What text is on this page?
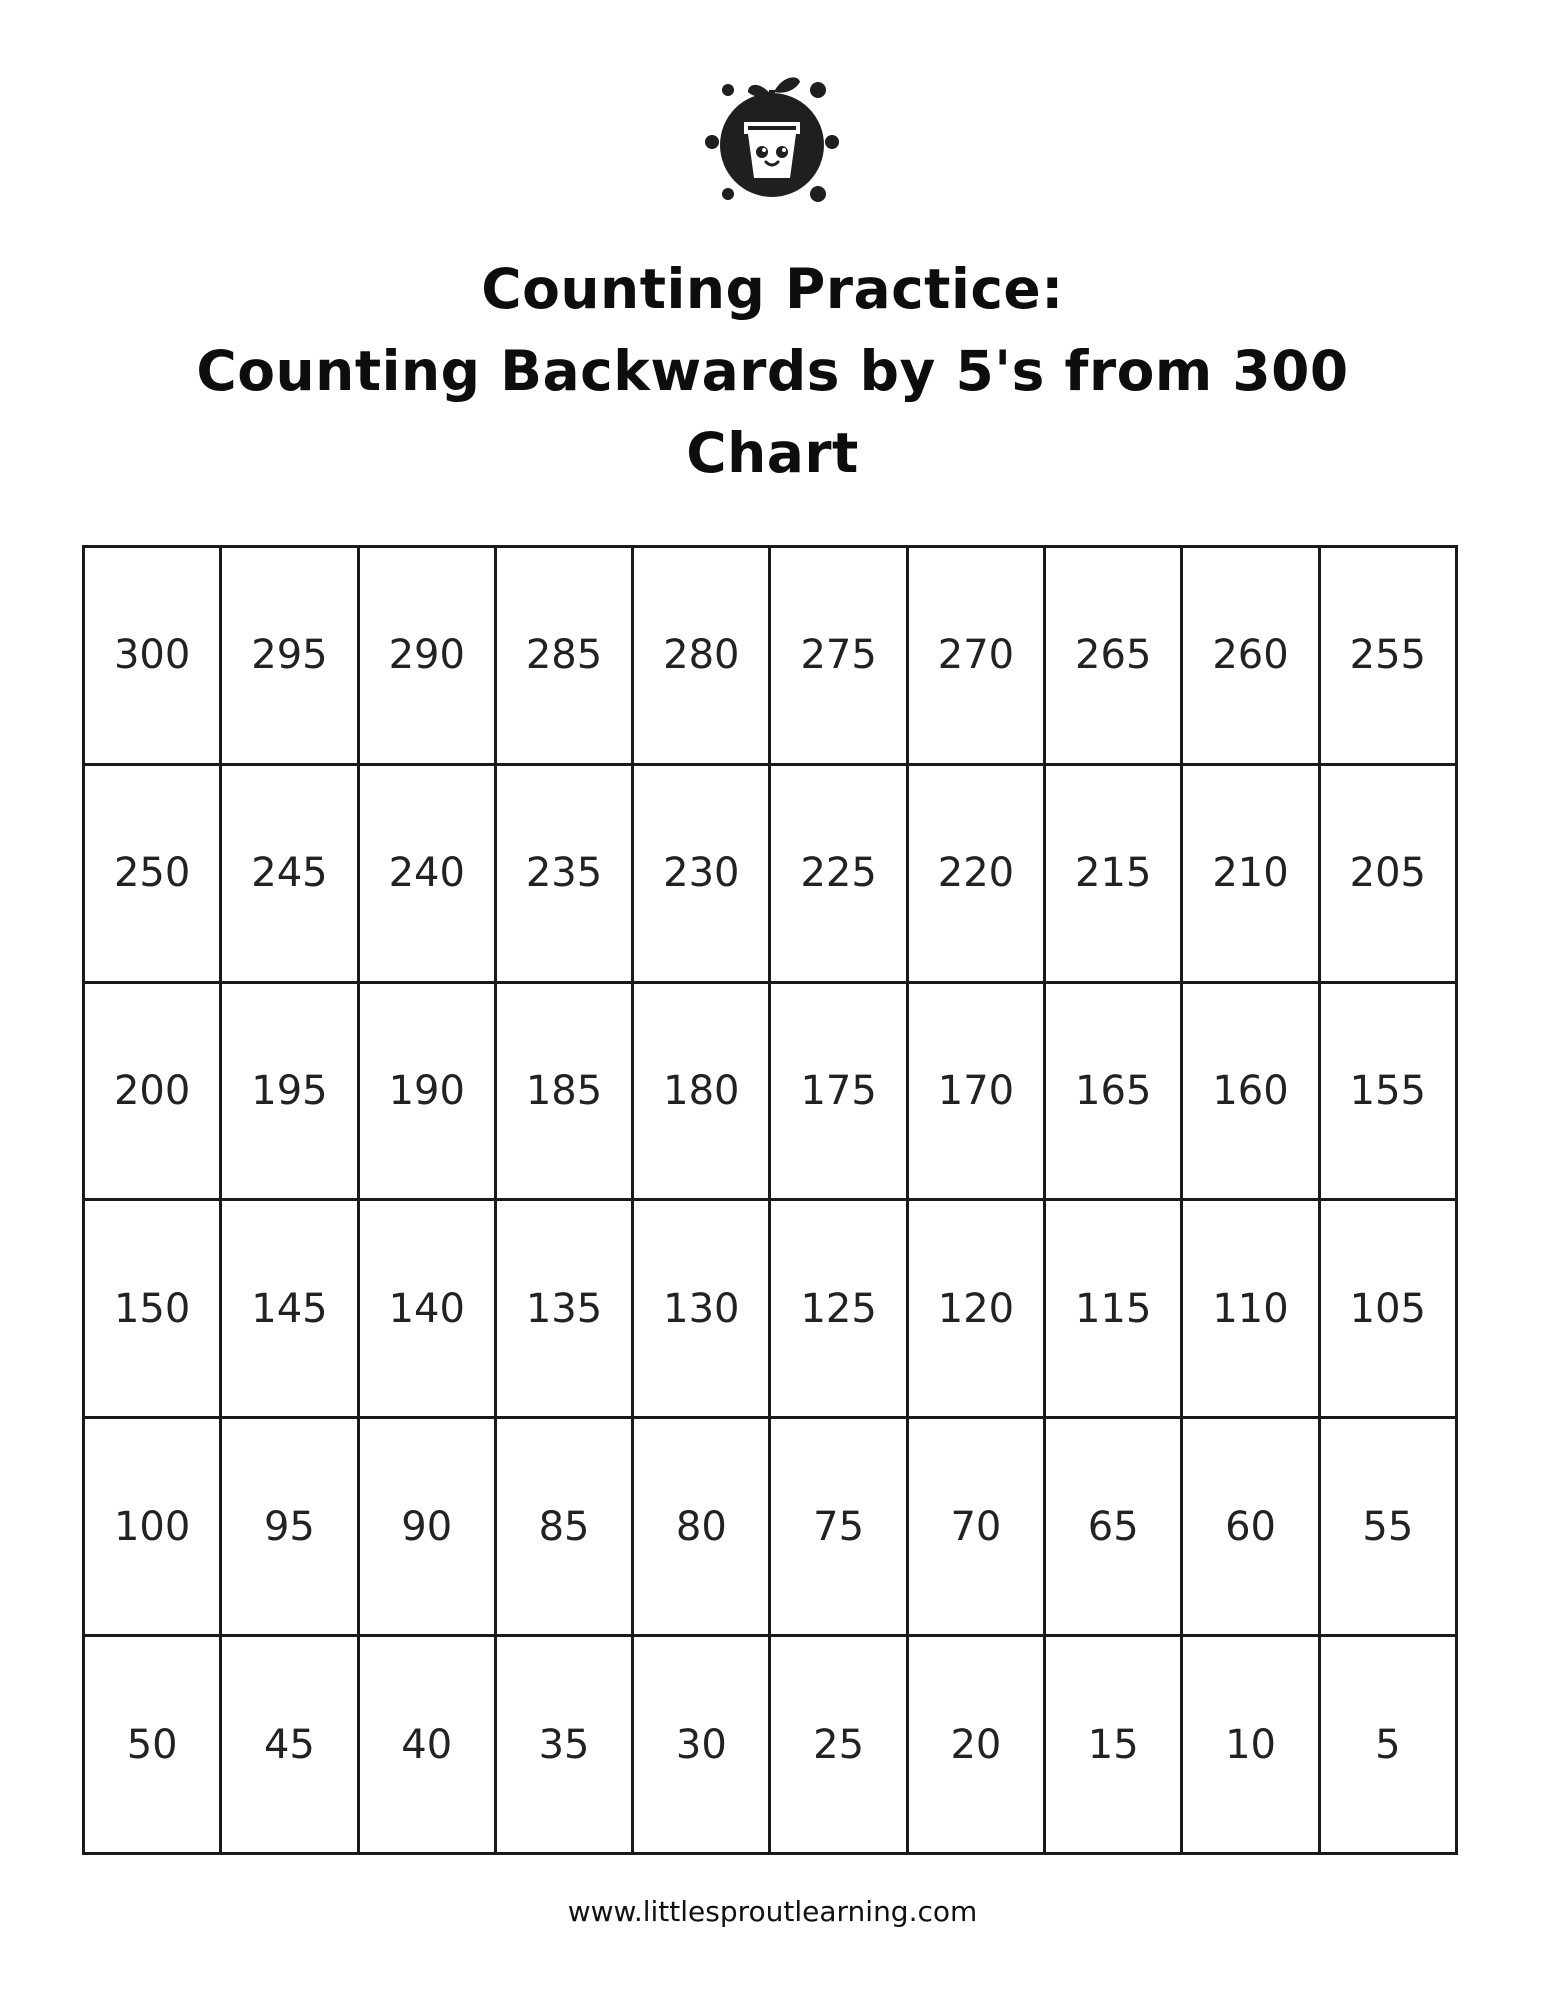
Counting Practice:
Counting Backwards by 5's from 300
Chart
300	295	290	285	280	275	270	265	260	255
250	245	240	235	230	225	220	215	210	205
200	195	190	185	180	175	170	165	160	155
150	145	140	135	130	125	120	115	110	105
100	95	90	85	80	75	70	65	60	55
50	45	40	35	30	25	20	15	10	5
www.littlesproutlearning.com
